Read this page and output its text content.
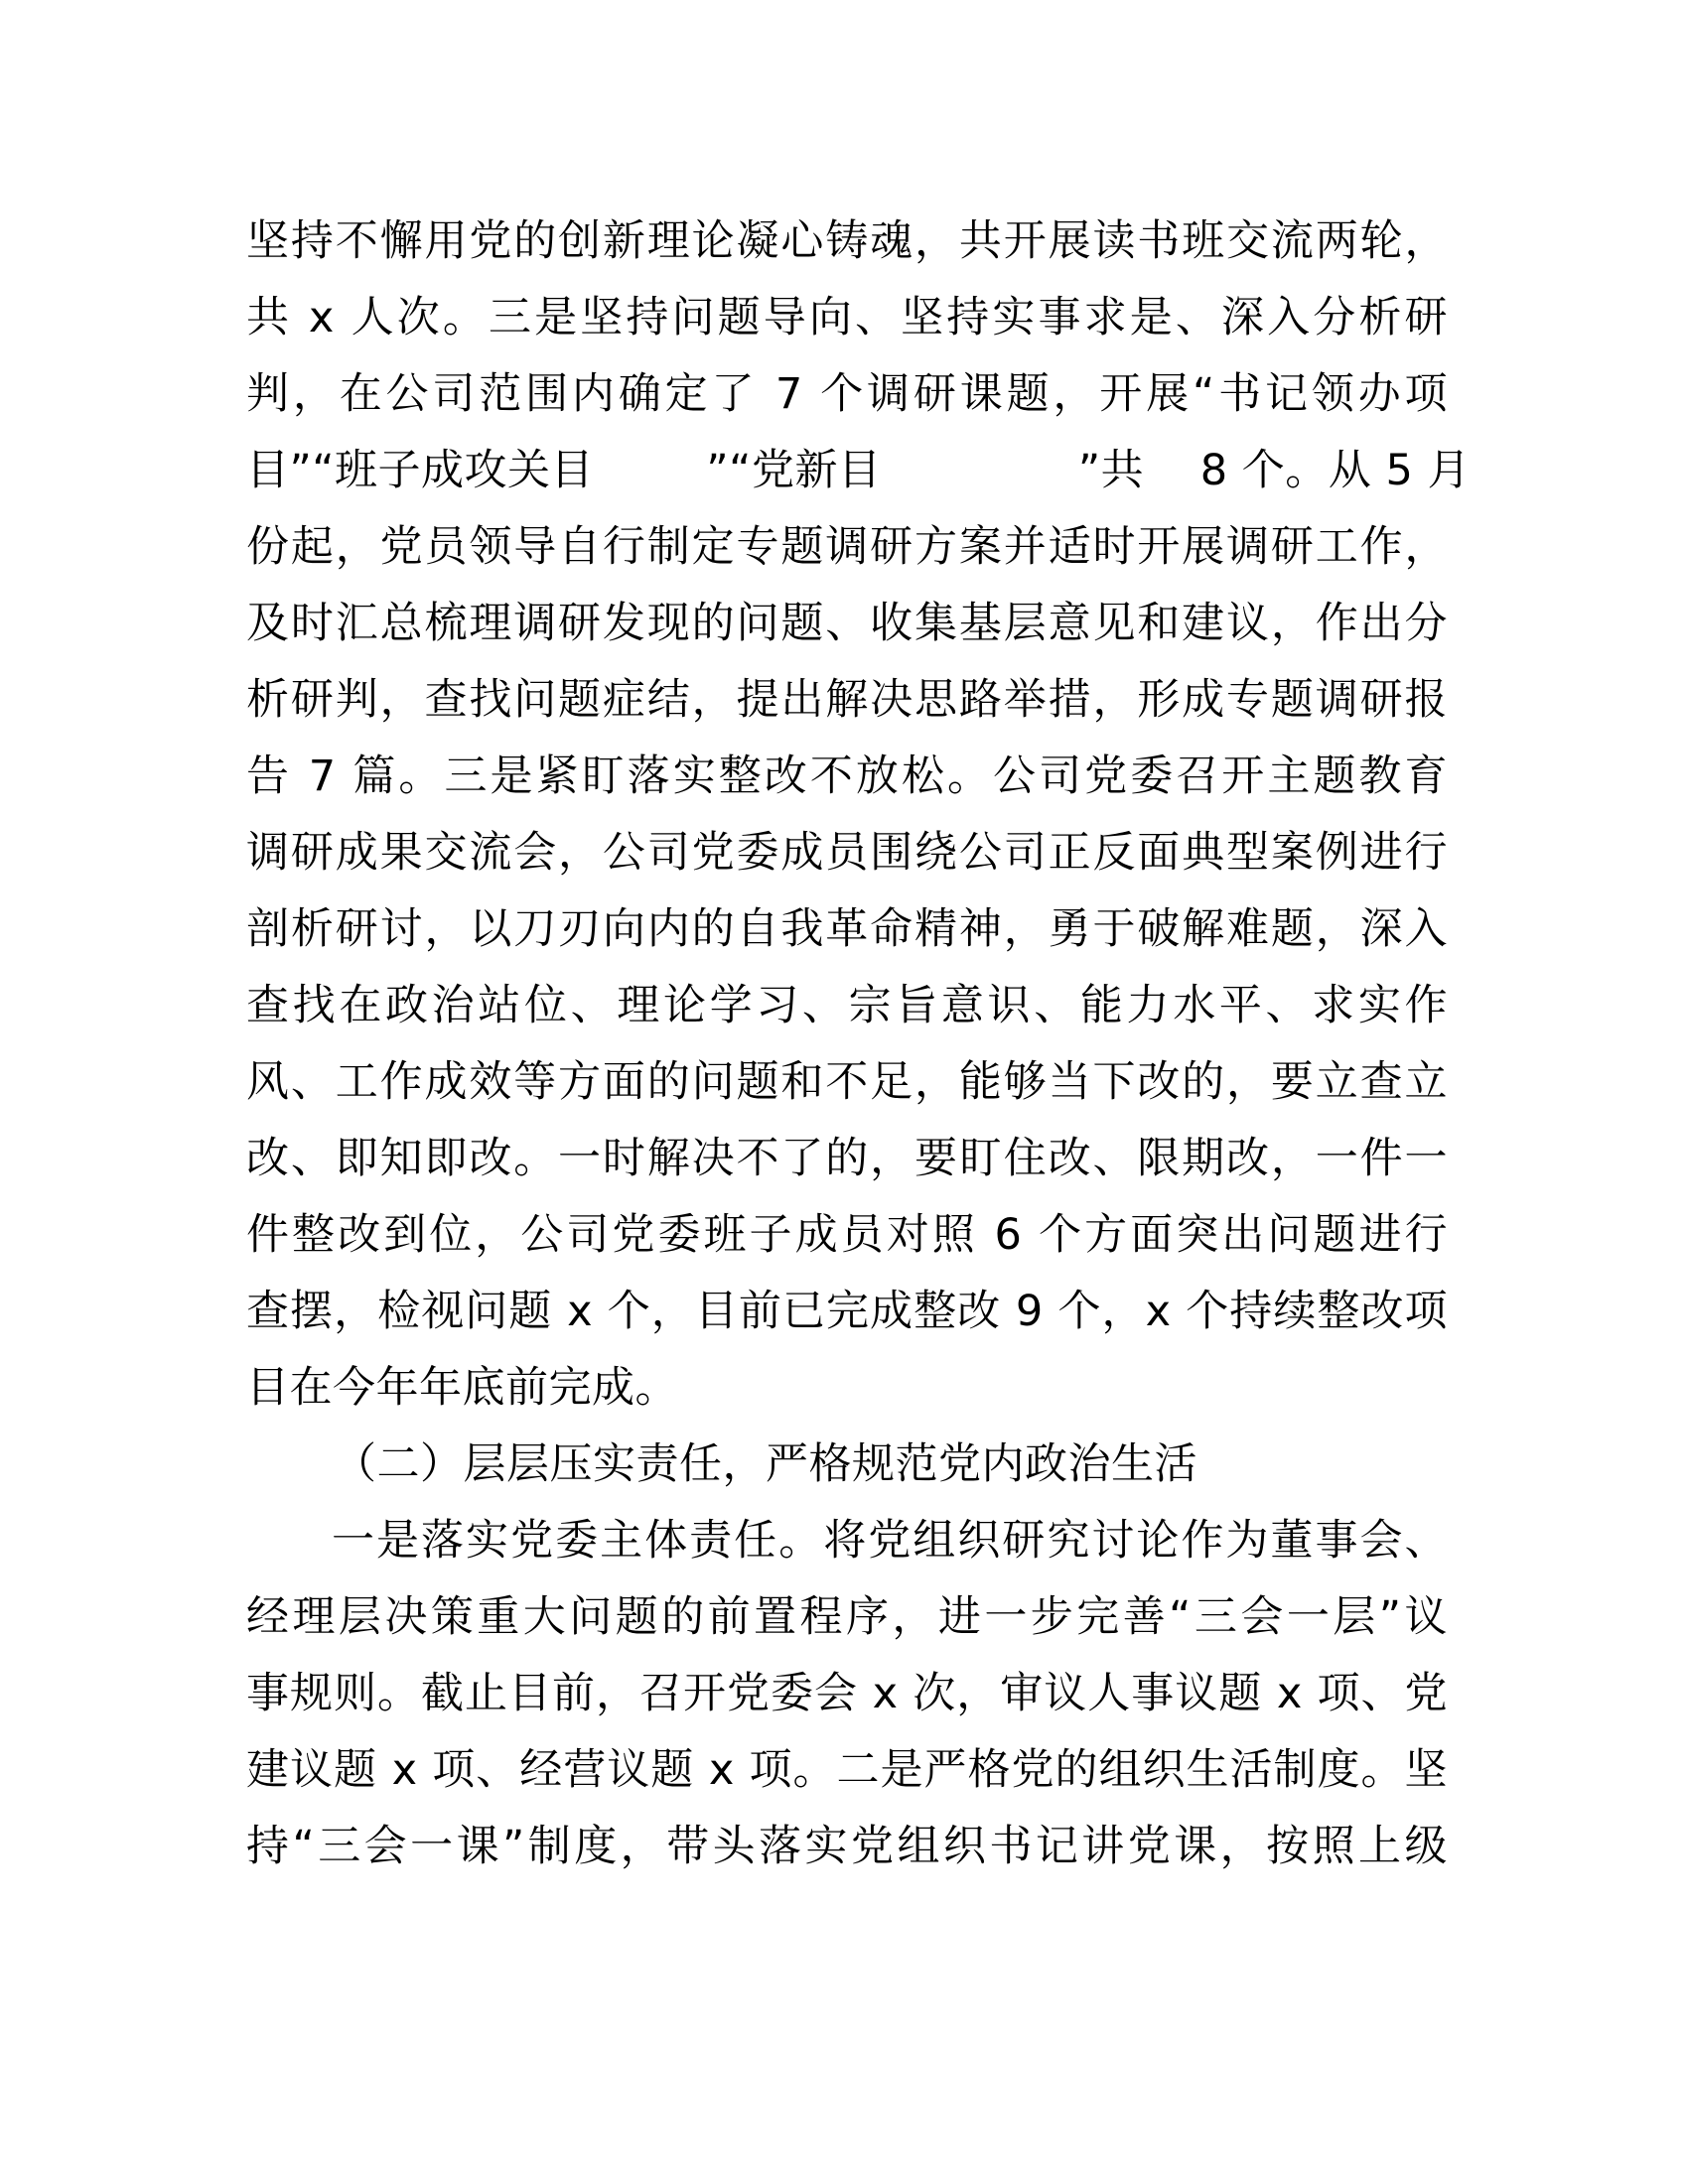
坚持不懈用党的创新理论凝心铸魂，共开展读书班交流两轮，
共 x 人次。三是坚持问题导向、坚持实事求是、深入分析研
判，在公司范围内确定了 7 个调研课题，开展“书记领办项
目”“班子成攻关目        ”“党新目              ”共    8 个。从 5 月
份起，党员领导自行制定专题调研方案并适时开展调研工作，
及时汇总梳理调研发现的问题、收集基层意见和建议，作出分
析研判，查找问题症结，提出解决思路举措，形成专题调研报
告 7 篇。三是紧盯落实整改不放松。公司党委召开主题教育
调研成果交流会，公司党委成员围绕公司正反面典型案例进行
剖析研讨，以刀刃向内的自我革命精神，勇于破解难题，深入
查找在政治站位、理论学习、宗旨意识、能力水平、求实作
风、工作成效等方面的问题和不足，能够当下改的，要立查立
改、即知即改。一时解决不了的，要盯住改、限期改，一件一
件整改到位，公司党委班子成员对照 6 个方面突出问题进行
查摆，检视问题 x 个，目前已完成整改 9 个，x 个持续整改项
目在今年年底前完成。
（二）层层压实责任，严格规范党内政治生活
一是落实党委主体责任。将党组织研究讨论作为董事会、
经理层决策重大问题的前置程序，进一步完善“三会一层”议
事规则。截止目前，召开党委会 x 次，审议人事议题 x 项、党
建议题 x 项、经营议题 x 项。二是严格党的组织生活制度。坚
持“三会一课”制度，带头落实党组织书记讲党课，按照上级
